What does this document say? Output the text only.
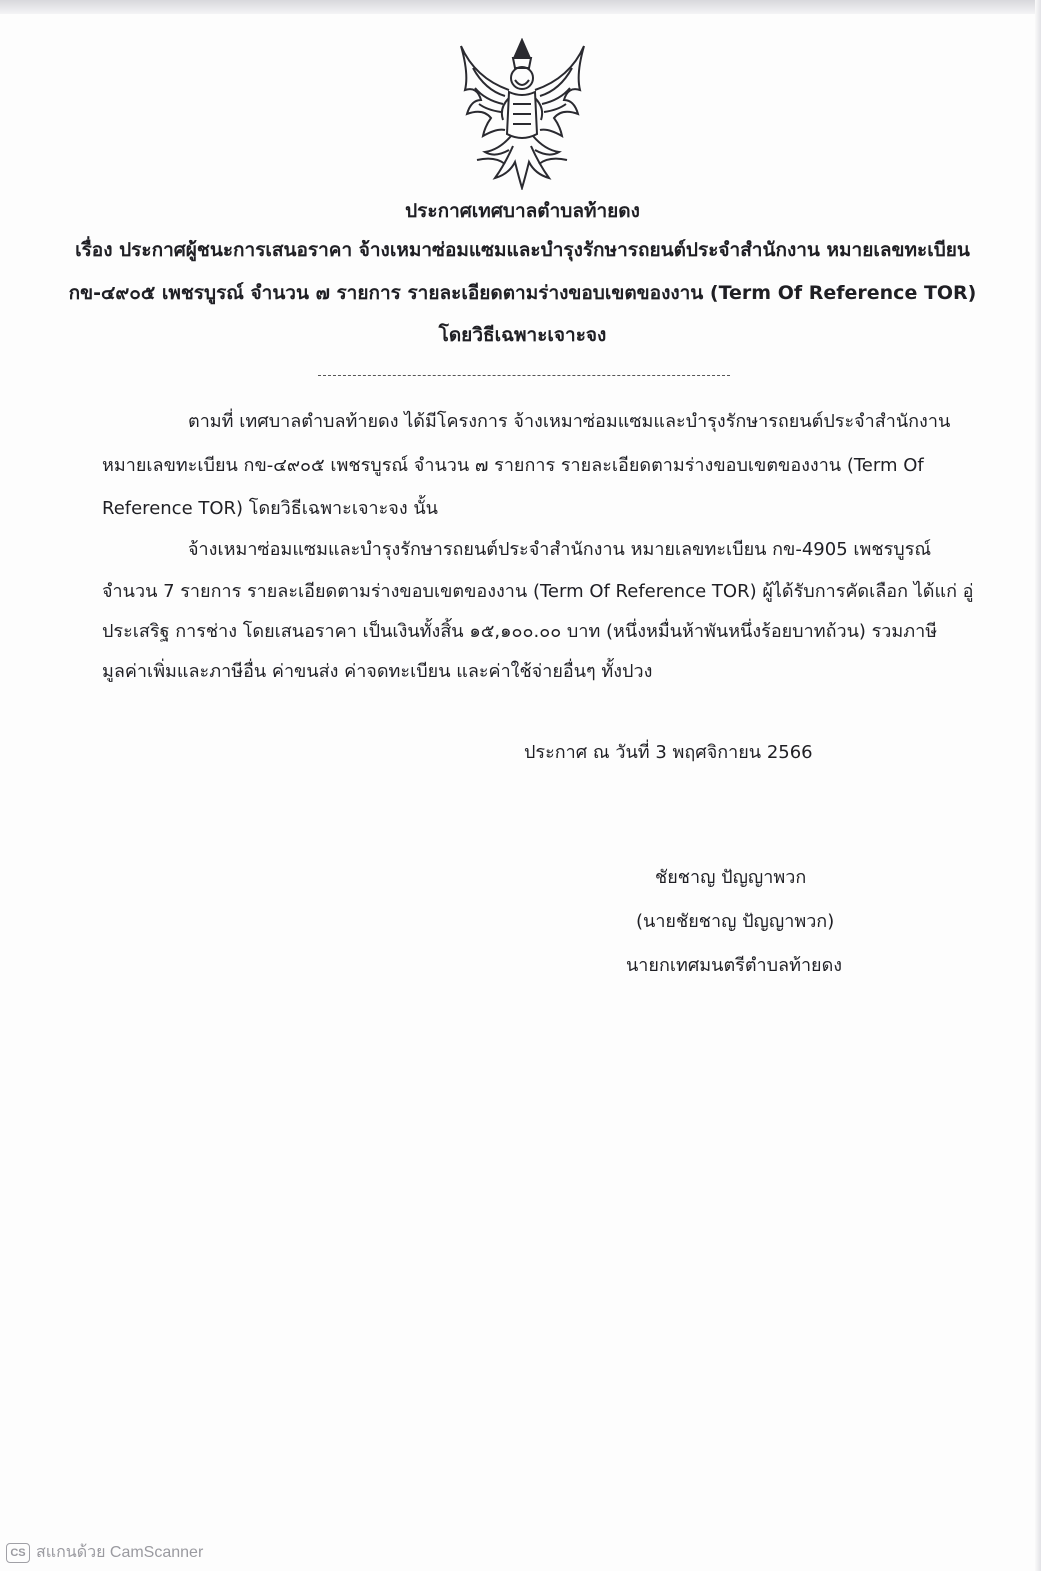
ประกาศเทศบาลตำบลท้ายดง
เรื่อง ประกาศผู้ชนะการเสนอราคา จ้างเหมาซ่อมแซมและบำรุงรักษารถยนต์ประจำสำนักงาน หมายเลขทะเบียน
กข-๔๙๐๕ เพชรบูรณ์ จำนวน ๗ รายการ รายละเอียดตามร่างขอบเขตของงาน (Term Of Reference TOR)
โดยวิธีเฉพาะเจาะจง
ตามที่ เทศบาลตำบลท้ายดง ได้มีโครงการ จ้างเหมาซ่อมแซมและบำรุงรักษารถยนต์ประจำสำนักงาน
หมายเลขทะเบียน กข-๔๙๐๕ เพชรบูรณ์ จำนวน ๗ รายการ รายละเอียดตามร่างขอบเขตของงาน (Term Of
Reference TOR) โดยวิธีเฉพาะเจาะจง นั้น
จ้างเหมาซ่อมแซมและบำรุงรักษารถยนต์ประจำสำนักงาน หมายเลขทะเบียน กข-4905 เพชรบูรณ์
จำนวน 7 รายการ รายละเอียดตามร่างขอบเขตของงาน (Term Of Reference TOR) ผู้ได้รับการคัดเลือก ได้แก่ อู่
ประเสริฐ การช่าง โดยเสนอราคา เป็นเงินทั้งสิ้น ๑๕,๑๐๐.๐๐ บาท (หนึ่งหมื่นห้าพันหนึ่งร้อยบาทถ้วน) รวมภาษี
มูลค่าเพิ่มและภาษีอื่น ค่าขนส่ง ค่าจดทะเบียน และค่าใช้จ่ายอื่นๆ ทั้งปวง
ประกาศ ณ วันที่ 3 พฤศจิกายน 2566
ชัยชาญ ปัญญาพวก
(นายชัยชาญ ปัญญาพวก)
นายกเทศมนตรีตำบลท้ายดง
CS สแกนด้วย CamScanner
